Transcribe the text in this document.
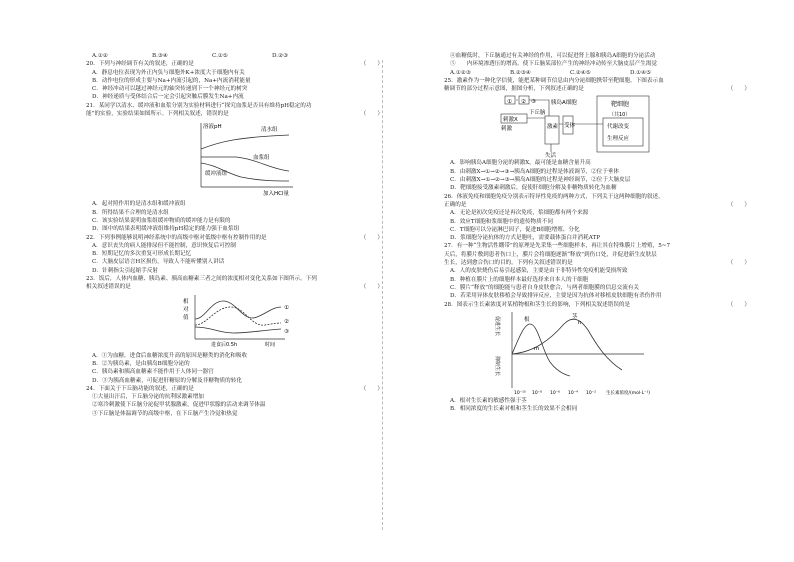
A.①②	B.③④	C.①⑤	D.②③

20．下列与神经调节有关的叙述，正确的是	（　　）

A．静息电位表现为外正内负与细胞外K+浓度大于细胞内有关

B．动作电位的形成主要与Na+内流引起的，Na+内流消耗能量

C．神经冲动可以越过神经元的轴突传递到下一个神经元的树突

D．神经递质与受体结合后一定会引起突触后膜发生Na+内流

21．某同学以清水、缓冲液和血浆分别为实验材料进行“探究血浆是否具有维持pH稳定的功

能”的实验，实验结果如图所示。下列相关叙述，错误的是	（　　）

溶液pH	清水组
血浆组
缓冲液组
加入HCl量

A．起对照作用的是清水组和缓冲液组

B．所得结果不合理的是清水组

C．该实验结果说明血浆组缓冲物质的缓冲能力是有限的

D．图中的结果表明缓冲液组维持pH稳定的能力强于血浆组

22．下列事例能够说明神经系统中的高级中枢对低级中枢有控制作用的是	（　　）

A．意识丧失的病人能排尿但不能控制，意识恢复后可控制

B．短期记忆的多次重复可形成长期记忆

C．大脑皮层语言H区损伤，导致人不能听懂别人讲话

D．针刺指尖引起缩手反射

23．饭后，人体内血糖、胰岛素、胰高血糖素三者之间的浓度相对变化关系如下图所示。下列

相关叙述错误的是	（　　）

相
对
值
①
②
③
进食后0.5h	时间

A．①为血糖，进食后血糖浓度升高的原因是糖类的消化和吸收

B．②为胰岛素，是由胰岛B细胞分泌的

C．胰岛素和胰高血糖素不能作用于人体同一器官

D．③为胰高血糖素，可促进肝糖原的分解及非糖物质的转化

24．下面关于下丘脑功能的叙述，正确的是	（　　）

①大量出汗后，下丘脑分泌的抗利尿激素增加

②寒冷刺激使下丘脑分泌促甲状腺激素，促进甲状腺的活动来调节体温

③下丘脑是体温调节的高级中枢，在下丘脑产生冷觉和热觉

④血糖低时，下丘脑通过有关神经的作用，可以促进肾上腺和胰岛A细胞的分泌活动

⑤　　内环境渗透压的增高，使下丘脑某部位产生的神经冲动传至大脑皮层产生渴觉

A.①②③	B.②③④	C.②④⑤	D.①④⑤

25．激素作为一种化学信使，能把某种调节信息由内分泌细胞携带至靶细胞。下图表示血

糖调节的部分过程示意图，据图分析，下列叙述正确的是	（　　）

① ② ③	胰岛A细胞
刺激
刺激X
下丘脑
激素 受体
靶细胞
（共10）
代谢改变
生理反应
失活

A．影响胰岛A细胞分泌的刺激X，最可能是血糖含量升高

B．由刺激X→①→②→③→胰岛A细胞的过程是体液调节，②位于垂体

C．由刺激X→①→②→③→胰岛A细胞的过程是神经调节，②位于大脑皮层

D．靶细胞接受激素刺激后，促使肝细胞分解及非糖物质转化为血糖

26．体液免疫和细胞免疫分别表示特异性免疫的两种方式，下列关于这两种细胞的叙述，

正确的是	（　　）

A．无论是初次免疫还是再次免疫，浆细胞都有两个来源

B．效应T细胞和浆细胞中的遗传物质不同

C．T细胞可以分泌淋巴因子，促进B细胞增殖、分化

D．浆细胞分泌抗体的方式是胞吐，需要载体蛋白并消耗ATP

27．有一种“生物活性绷带”的原理是先采集一些细胞样本，再让其在特殊膜片上增殖，5~7

天后，将膜片敷到患者伤口上，膜片会将细胞逐渐“释放”到伤口处，并促进新生皮肤层

生长，达到愈合伤口的目的。下列有关叙述错误的是	（　　）

A．人的皮肤烧伤后易引起感染，主要是由于非特异性免疫机能受损所致

B．种植在膜片上的细胞样本最好选择来自本人的干细胞

C．膜片“释放”的细胞能与患者自身皮肤愈合，与两者细胞膜的信息交流有关

D．若采用异体皮肤移植会导致排异反应，主要是因为抗体对移植皮肤细胞有杀伤作用

28．图表示生长素浓度对某植物根和茎生长的影响，下列相关叙述错误的是	（　　）

促进生长
抑制生长
根	茎
m
n
10⁻¹⁰ 10⁻⁸ 10⁻⁶ 10⁻⁴ 10⁻² 生长素浓度/(mol·L⁻¹)

A．根对生长素的敏感性强于茎

B．相同浓度的生长素对根和茎生长的效果不会相同
